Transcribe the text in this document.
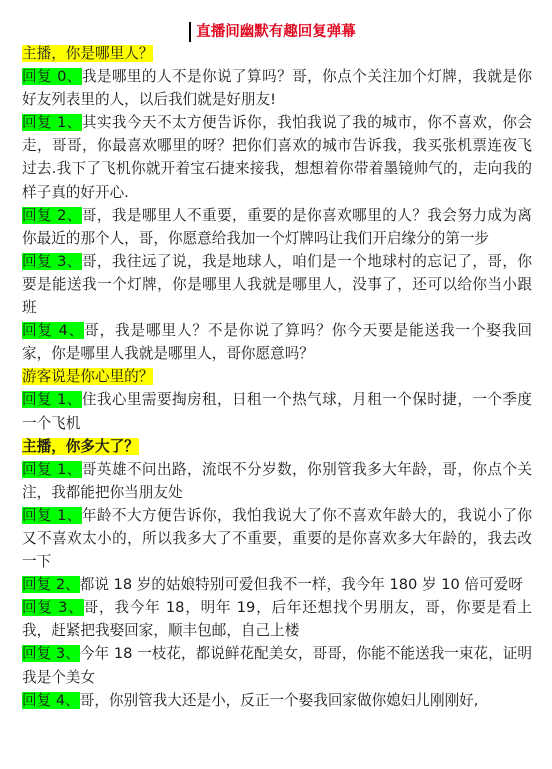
直播间幽默有趣回复弹幕

主播，你是哪里人？

回复 0、我是哪里的人不是你说了算吗？哥，你点个关注加个灯牌，我就是你好友列表里的人，以后我们就是好朋友!

回复 1、其实我今天不太方便告诉你，我怕我说了我的城市，你不喜欢，你会走，哥哥，你最喜欢哪里的呀？把你们喜欢的城市告诉我，我买张机票连夜飞过去.我下了飞机你就开着宝石捷来接我，想想着你带着墨镜帅气的，走向我的样子真的好开心.

回复 2、哥，我是哪里人不重要，重要的是你喜欢哪里的人？我会努力成为离你最近的那个人，哥，你愿意给我加一个灯牌吗让我们开启缘分的第一步

回复 3、哥，我往远了说，我是地球人，咱们是一个地球村的忘记了，哥，你要是能送我一个灯牌，你是哪里人我就是哪里人，没事了，还可以给你当小跟班

回复 4、哥，我是哪里人？不是你说了算吗？你今天要是能送我一个娶我回家，你是哪里人我就是哪里人，哥你愿意吗？

游客说是你心里的？

回复 1、住我心里需要掏房租，日租一个热气球，月租一个保时捷，一个季度一个飞机

主播，你多大了？

回复 1、哥英雄不问出路，流氓不分岁数，你别管我多大年龄，哥，你点个关注，我都能把你当朋友处

回复 1、年龄不大方便告诉你，我怕我说大了你不喜欢年龄大的，我说小了你又不喜欢太小的，所以我多大了不重要，重要的是你喜欢多大年龄的，我去改一下

回复 2、都说 18 岁的姑娘特别可爱但我不一样，我今年 180 岁 10 倍可爱呀

回复 3、哥，我今年 18，明年 19，后年还想找个男朋友，哥，你要是看上我，赶紧把我娶回家，顺丰包邮，自己上楼

回复 3、今年 18 一枝花，都说鲜花配美女，哥哥，你能不能送我一束花，证明我是个美女

回复 4、哥，你别管我大还是小，反正一个娶我回家做你媳妇儿刚刚好,
